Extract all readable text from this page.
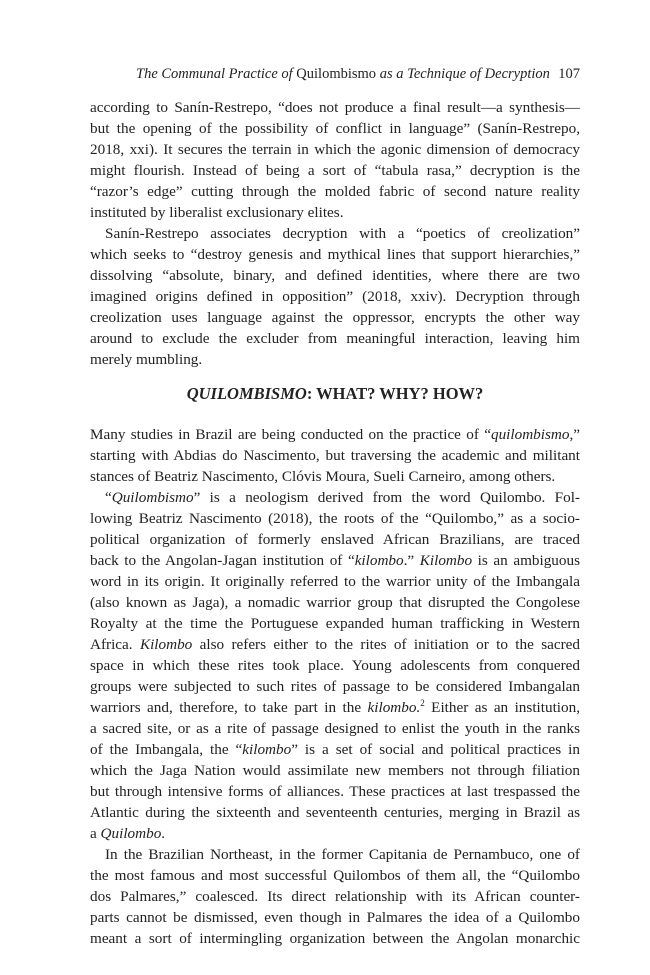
The Communal Practice of Quilombismo as a Technique of Decryption 107
according to Sanín-Restrepo, “does not produce a final result—a synthesis—
but the opening of the possibility of conflict in language” (Sanín-Restrepo,
2018, xxi). It secures the terrain in which the agonic dimension of democracy
might flourish. Instead of being a sort of “tabula rasa,” decryption is the
“razor’s edge” cutting through the molded fabric of second nature reality
instituted by liberalist exclusionary elites.
Sanín-Restrepo associates decryption with a “poetics of creolization”
which seeks to “destroy genesis and mythical lines that support hierarchies,”
dissolving “absolute, binary, and defined identities, where there are two
imagined origins defined in opposition” (2018, xxiv). Decryption through
creolization uses language against the oppressor, encrypts the other way
around to exclude the excluder from meaningful interaction, leaving him
merely mumbling.
QUILOMBISMO: WHAT? WHY? HOW?
Many studies in Brazil are being conducted on the practice of “quilombismo,”
starting with Abdias do Nascimento, but traversing the academic and militant
stances of Beatriz Nascimento, Clóvis Moura, Sueli Carneiro, among others.
“Quilombismo” is a neologism derived from the word Quilombo. Fol-
lowing Beatriz Nascimento (2018), the roots of the “Quilombo,” as a socio-
political organization of formerly enslaved African Brazilians, are traced
back to the Angolan-Jagan institution of “kilombo.” Kilombo is an ambiguous
word in its origin. It originally referred to the warrior unity of the Imbangala
(also known as Jaga), a nomadic warrior group that disrupted the Congolese
Royalty at the time the Portuguese expanded human trafficking in Western
Africa. Kilombo also refers either to the rites of initiation or to the sacred
space in which these rites took place. Young adolescents from conquered
groups were subjected to such rites of passage to be considered Imbangalan
warriors and, therefore, to take part in the kilombo.$^2$ Either as an institution,
a sacred site, or as a rite of passage designed to enlist the youth in the ranks
of the Imbangala, the “kilombo” is a set of social and political practices in
which the Jaga Nation would assimilate new members not through filiation
but through intensive forms of alliances. These practices at last trespassed the
Atlantic during the sixteenth and seventeenth centuries, merging in Brazil as
a Quilombo.
In the Brazilian Northeast, in the former Capitania de Pernambuco, one of
the most famous and most successful Quilombos of them all, the “Quilombo
dos Palmares,” coalesced. Its direct relationship with its African counter-
parts cannot be dismissed, even though in Palmares the idea of a Quilombo
meant a sort of intermingling organization between the Angolan monarchic
